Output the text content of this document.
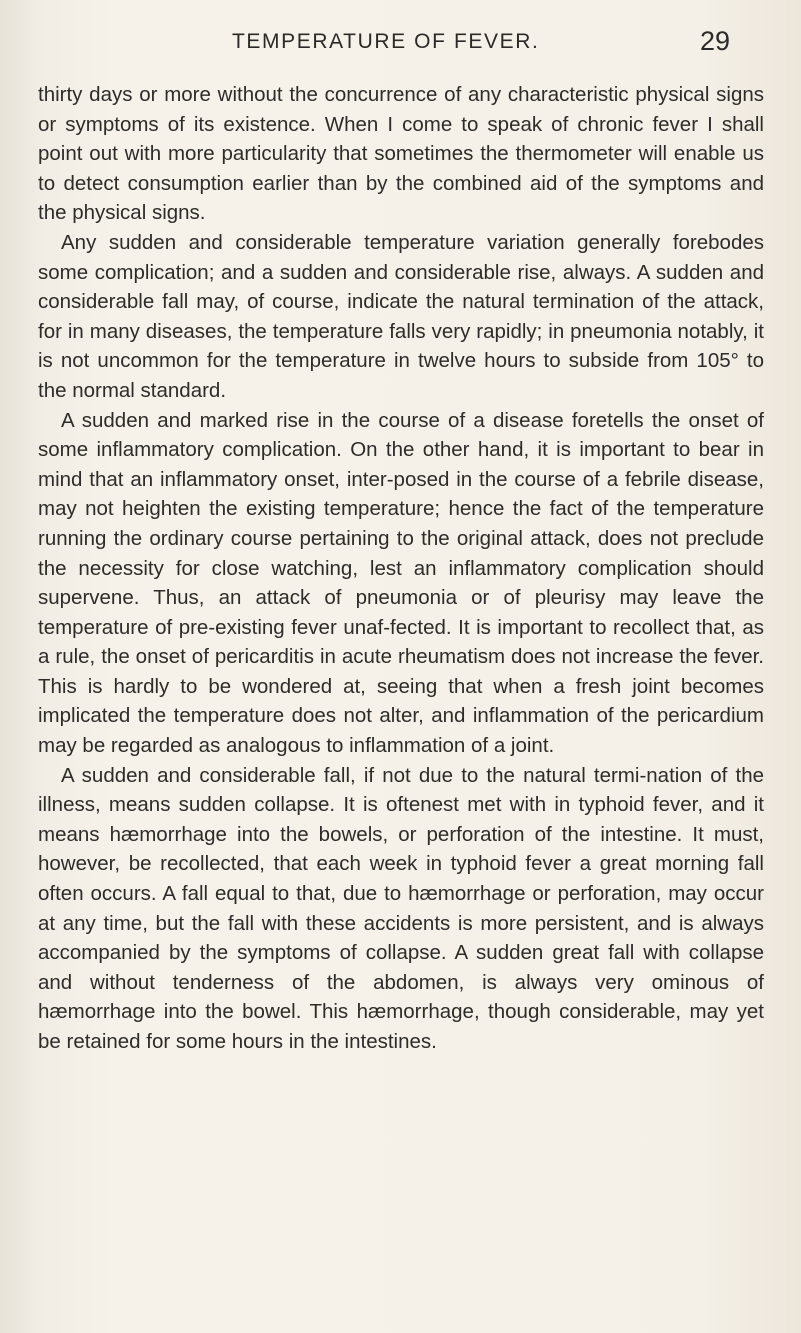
TEMPERATURE OF FEVER.	29

thirty days or more without the concurrence of any characteristic physical signs or symptoms of its existence. When I come to speak of chronic fever I shall point out with more particularity that sometimes the thermometer will enable us to detect consumption earlier than by the combined aid of the symptoms and the physical signs.

Any sudden and considerable temperature variation generally forebodes some complication; and a sudden and considerable rise, always. A sudden and considerable fall may, of course, indicate the natural termination of the attack, for in many diseases, the temperature falls very rapidly; in pneumonia notably, it is not uncommon for the temperature in twelve hours to subside from 105° to the normal standard.

A sudden and marked rise in the course of a disease foretells the onset of some inflammatory complication. On the other hand, it is important to bear in mind that an inflammatory onset, inter-posed in the course of a febrile disease, may not heighten the existing temperature; hence the fact of the temperature running the ordinary course pertaining to the original attack, does not preclude the necessity for close watching, lest an inflammatory complication should supervene. Thus, an attack of pneumonia or of pleurisy may leave the temperature of pre-existing fever unaf-fected. It is important to recollect that, as a rule, the onset of pericarditis in acute rheumatism does not increase the fever. This is hardly to be wondered at, seeing that when a fresh joint becomes implicated the temperature does not alter, and inflammation of the pericardium may be regarded as analogous to inflammation of a joint.

A sudden and considerable fall, if not due to the natural termi-nation of the illness, means sudden collapse. It is oftenest met with in typhoid fever, and it means hæmorrhage into the bowels, or perforation of the intestine. It must, however, be recollected, that each week in typhoid fever a great morning fall often occurs. A fall equal to that, due to hæmorrhage or perforation, may occur at any time, but the fall with these accidents is more persistent, and is always accompanied by the symptoms of collapse. A sudden great fall with collapse and without tenderness of the abdomen, is always very ominous of hæmorrhage into the bowel. This hæmorrhage, though considerable, may yet be retained for some hours in the intestines.
